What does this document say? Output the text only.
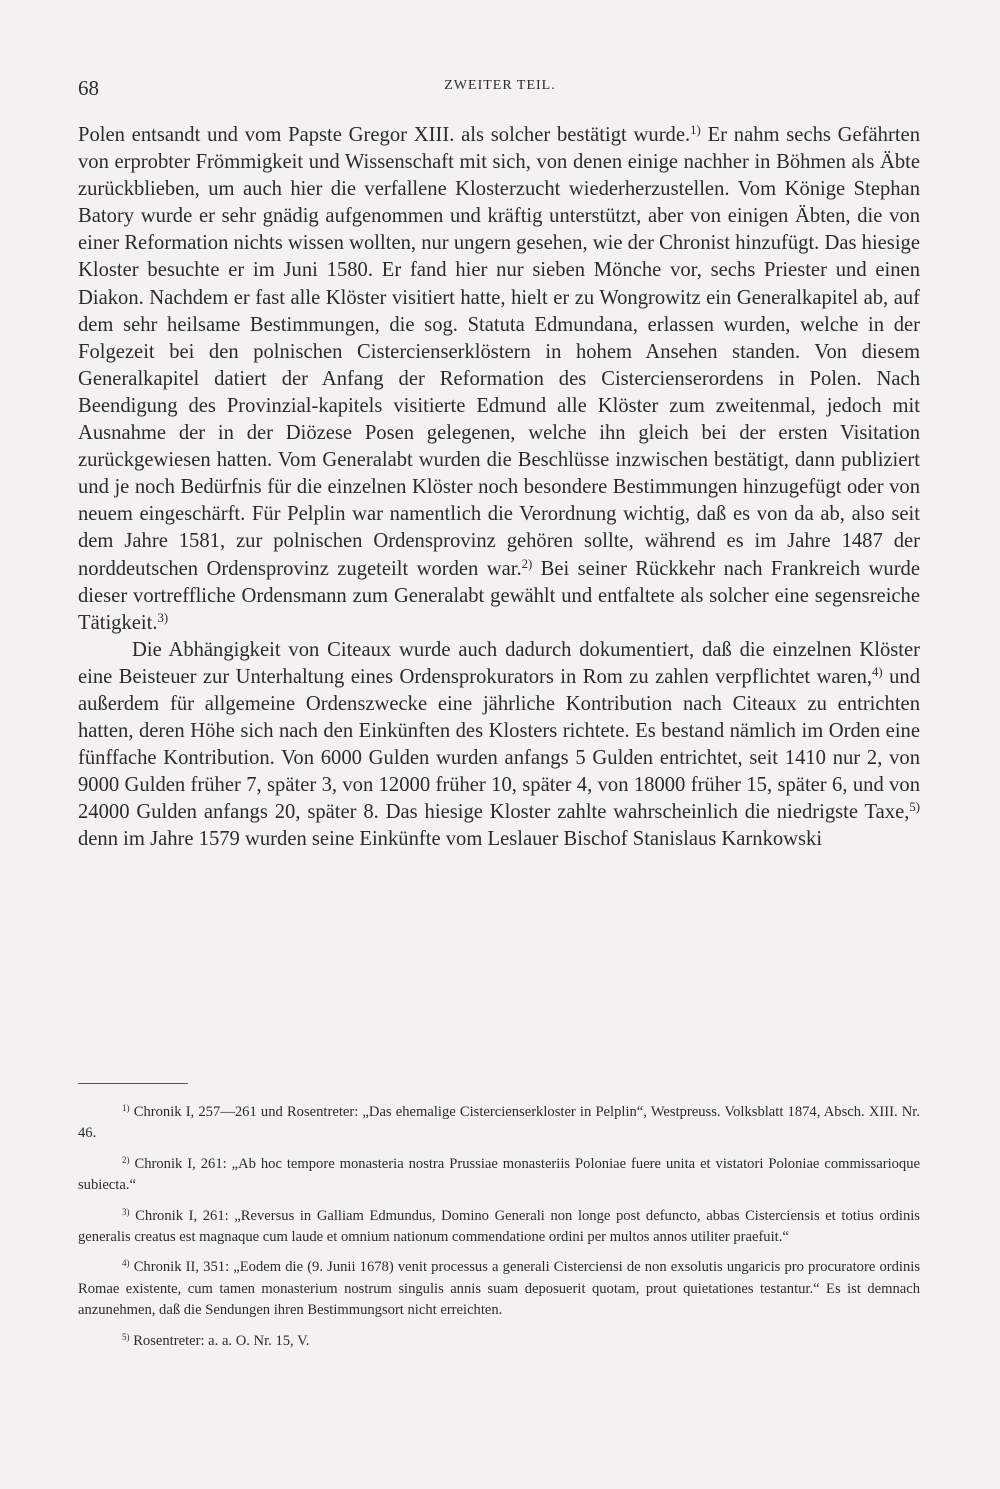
68	ZWEITER TEIL.

Polen entsandt und vom Papste Gregor XIII. als solcher bestätigt wurde.$^{1)}$ Er nahm sechs Gefährten von erprobter Frömmigkeit und Wissenschaft mit sich, von denen einige nachher in Böhmen als Äbte zurückblieben, um auch hier die verfallene Klosterzucht wiederherzustellen. Vom Könige Stephan Batory wurde er sehr gnädig aufgenommen und kräftig unterstützt, aber von einigen Äbten, die von einer Reformation nichts wissen wollten, nur ungern gesehen, wie der Chronist hinzufügt. Das hiesige Kloster besuchte er im Juni 1580. Er fand hier nur sieben Mönche vor, sechs Priester und einen Diakon. Nachdem er fast alle Klöster visitiert hatte, hielt er zu Wongrowitz ein Generalkapitel ab, auf dem sehr heilsame Bestimmungen, die sog. Statuta Edmundana, erlassen wurden, welche in der Folgezeit bei den polnischen Cistercienserklöstern in hohem Ansehen standen. Von diesem Generalkapitel datiert der Anfang der Reformation des Cistercienserordens in Polen. Nach Beendigung des Provinzial-kapitels visitierte Edmund alle Klöster zum zweitenmal, jedoch mit Ausnahme der in der Diözese Posen gelegenen, welche ihn gleich bei der ersten Visitation zurückgewiesen hatten. Vom Generalabt wurden die Beschlüsse inzwischen bestätigt, dann publiziert und je noch Bedürfnis für die einzelnen Klöster noch besondere Bestimmungen hinzugefügt oder von neuem eingeschärft. Für Pelplin war namentlich die Verordnung wichtig, daß es von da ab, also seit dem Jahre 1581, zur polnischen Ordensprovinz gehören sollte, während es im Jahre 1487 der norddeutschen Ordensprovinz zugeteilt worden war.$^{2)}$ Bei seiner Rückkehr nach Frankreich wurde dieser vortreffliche Ordensmann zum Generalabt gewählt und entfaltete als solcher eine segensreiche Tätigkeit.$^{3)}$

Die Abhängigkeit von Citeaux wurde auch dadurch dokumentiert, daß die einzelnen Klöster eine Beisteuer zur Unterhaltung eines Ordensprokurators in Rom zu zahlen verpflichtet waren,$^{4)}$ und außerdem für allgemeine Ordenszwecke eine jährliche Kontribution nach Citeaux zu entrichten hatten, deren Höhe sich nach den Einkünften des Klosters richtete. Es bestand nämlich im Orden eine fünffache Kontribution. Von 6000 Gulden wurden anfangs 5 Gulden entrichtet, seit 1410 nur 2, von 9000 Gulden früher 7, später 3, von 12000 früher 10, später 4, von 18000 früher 15, später 6, und von 24000 Gulden anfangs 20, später 8. Das hiesige Kloster zahlte wahrscheinlich die niedrigste Taxe,$^{5)}$ denn im Jahre 1579 wurden seine Einkünfte vom Leslauer Bischof Stanislaus Karnkowski

$^{1)}$ Chronik I, 257—261 und Rosentreter: „Das ehemalige Cistercienserkloster in Pelplin“, Westpreuss. Volksblatt 1874, Absch. XIII. Nr. 46.

$^{2)}$ Chronik I, 261: „Ab hoc tempore monasteria nostra Prussiae monasteriis Poloniae fuere unita et vistatori Poloniae commissarioque subiecta.“

$^{3)}$ Chronik I, 261: „Reversus in Galliam Edmundus, Domino Generali non longe post defuncto, abbas Cisterciensis et totius ordinis generalis creatus est magnaque cum laude et omnium nationum commendatione ordini per multos annos utiliter praefuit.“

$^{4)}$ Chronik II, 351: „Eodem die (9. Junii 1678) venit processus a generali Cisterciensi de non exsolutis ungaricis pro procuratore ordinis Romae existente, cum tamen monasterium nostrum singulis annis suam deposuerit quotam, prout quietationes testantur.“ Es ist demnach anzunehmen, daß die Sendungen ihren Bestimmungsort nicht erreichten.

$^{5)}$ Rosentreter: a. a. O. Nr. 15, V.
